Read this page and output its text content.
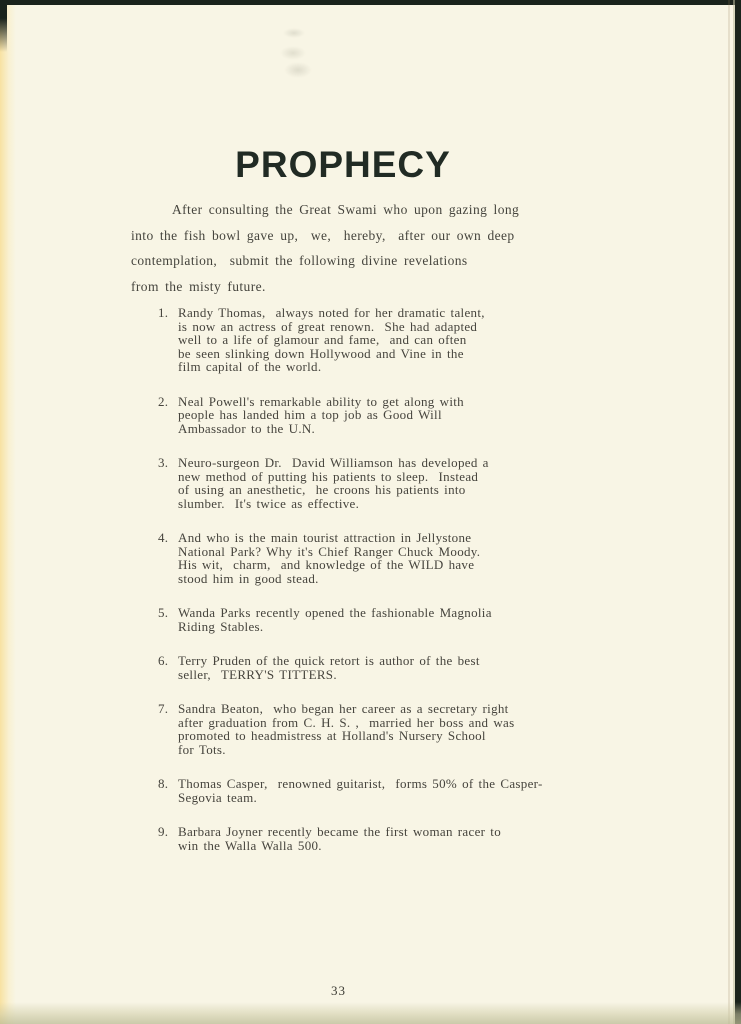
PROPHECY
After consulting the Great Swami who upon gazing long
into the fish bowl gave up,  we,  hereby,  after our own deep
contemplation,  submit the following divine revelations
from the misty future.
1. Randy Thomas,  always noted for her dramatic talent,
is now an actress of great renown.  She had adapted
well to a life of glamour and fame,  and can often
be seen slinking down Hollywood and Vine in the
film capital of the world.
2. Neal Powell's remarkable ability to get along with
people has landed him a top job as Good Will
Ambassador to the U.N.
3. Neuro-surgeon Dr.  David Williamson has developed a
new method of putting his patients to sleep.  Instead
of using an anesthetic,  he croons his patients into
slumber.  It's twice as effective.
4. And who is the main tourist attraction in Jellystone
National Park? Why it's Chief Ranger Chuck Moody.
His wit,  charm,  and knowledge of the WILD have
stood him in good stead.
5. Wanda Parks recently opened the fashionable Magnolia
Riding Stables.
6. Terry Pruden of the quick retort is author of the best
seller,  TERRY'S TITTERS.
7. Sandra Beaton,  who began her career as a secretary right
after graduation from C. H. S. ,  married her boss and was
promoted to headmistress at Holland's Nursery School
for Tots.
8. Thomas Casper,  renowned guitarist,  forms 50% of the Casper-
Segovia team.
9. Barbara Joyner recently became the first woman racer to
win the Walla Walla 500.
33
